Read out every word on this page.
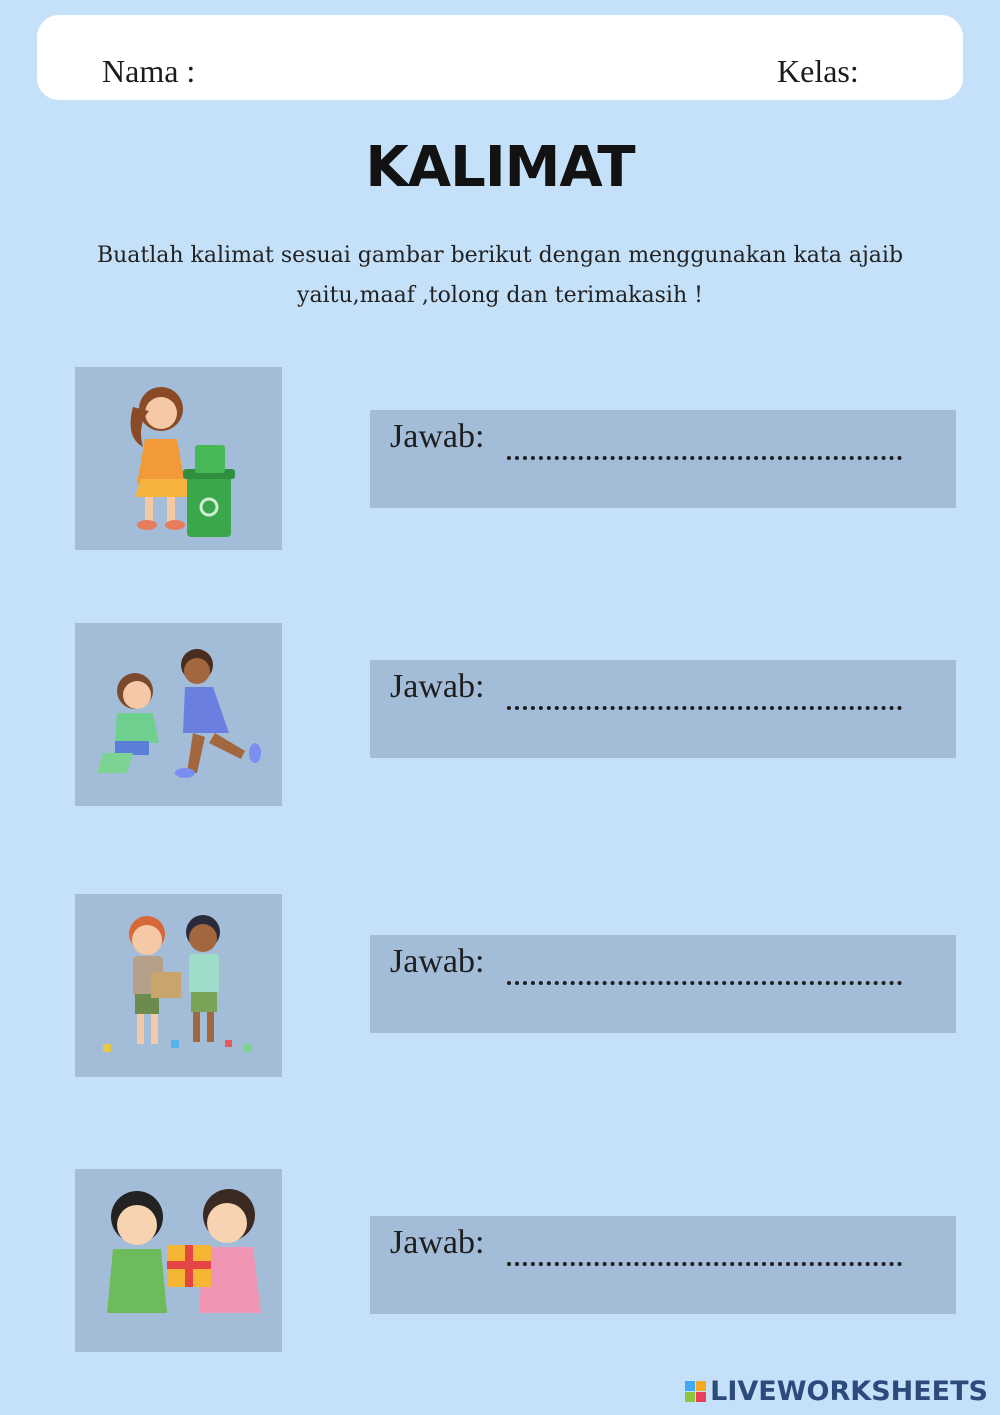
Nama :	Kelas:
KALIMAT
Buatlah kalimat sesuai gambar berikut dengan menggunakan kata ajaib
yaitu,maaf ,tolong dan terimakasih !
Jawab:
Jawab:
Jawab:
Jawab:
LIVEWORKSHEETS
